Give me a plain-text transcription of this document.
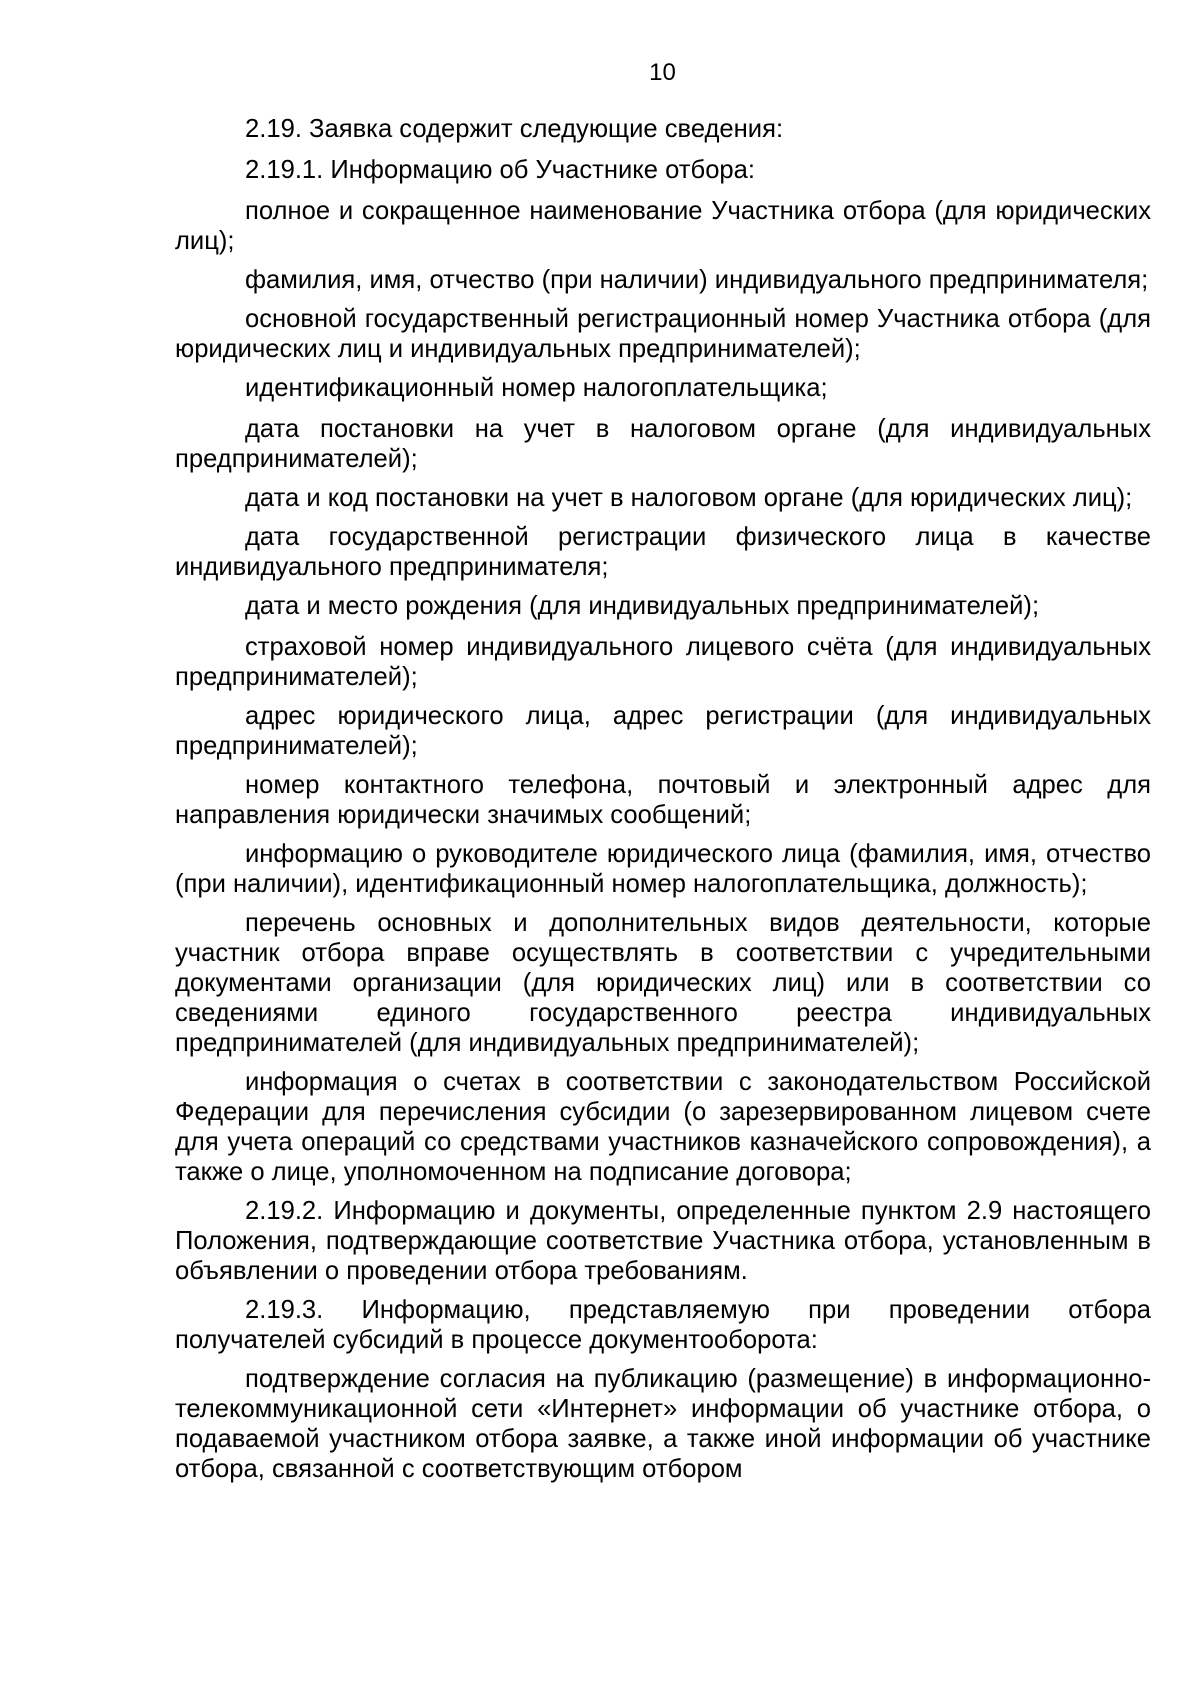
10

2.19. Заявка содержит следующие сведения:

2.19.1. Информацию об Участнике отбора:

полное и сокращенное наименование Участника отбора (для юридических лиц);

фамилия, имя, отчество (при наличии) индивидуального предпринимателя;

основной государственный регистрационный номер Участника отбора (для юридических лиц и индивидуальных предпринимателей);

идентификационный номер налогоплательщика;

дата постановки на учет в налоговом органе (для индивидуальных предпринимателей);

дата и код постановки на учет в налоговом органе (для юридических лиц);

дата государственной регистрации физического лица в качестве индивидуального предпринимателя;

дата и место рождения (для индивидуальных предпринимателей);

страховой номер индивидуального лицевого счёта (для индивидуальных предпринимателей);

адрес юридического лица, адрес регистрации (для индивидуальных предпринимателей);

номер контактного телефона, почтовый и электронный адрес для направления юридически значимых сообщений;

информацию о руководителе юридического лица (фамилия, имя, отчество (при наличии), идентификационный номер налогоплательщика, должность);

перечень основных и дополнительных видов деятельности, которые участник отбора вправе осуществлять в соответствии с учредительными документами организации (для юридических лиц) или в соответствии со сведениями единого государственного реестра индивидуальных предпринимателей (для индивидуальных предпринимателей);

информация о счетах в соответствии с законодательством Российской Федерации для перечисления субсидии (о зарезервированном лицевом счете для учета операций со средствами участников казначейского сопровождения), а также о лице, уполномоченном на подписание договора;

2.19.2. Информацию и документы, определенные пунктом 2.9 настоящего Положения, подтверждающие соответствие Участника отбора, установленным в объявлении о проведении отбора требованиям.

2.19.3. Информацию, представляемую при проведении отбора получателей субсидий в процессе документооборота:

подтверждение согласия на публикацию (размещение) в информационно-телекоммуникационной сети «Интернет» информации об участнике отбора, о подаваемой участником отбора заявке, а также иной информации об участнике отбора, связанной с соответствующим отбором
